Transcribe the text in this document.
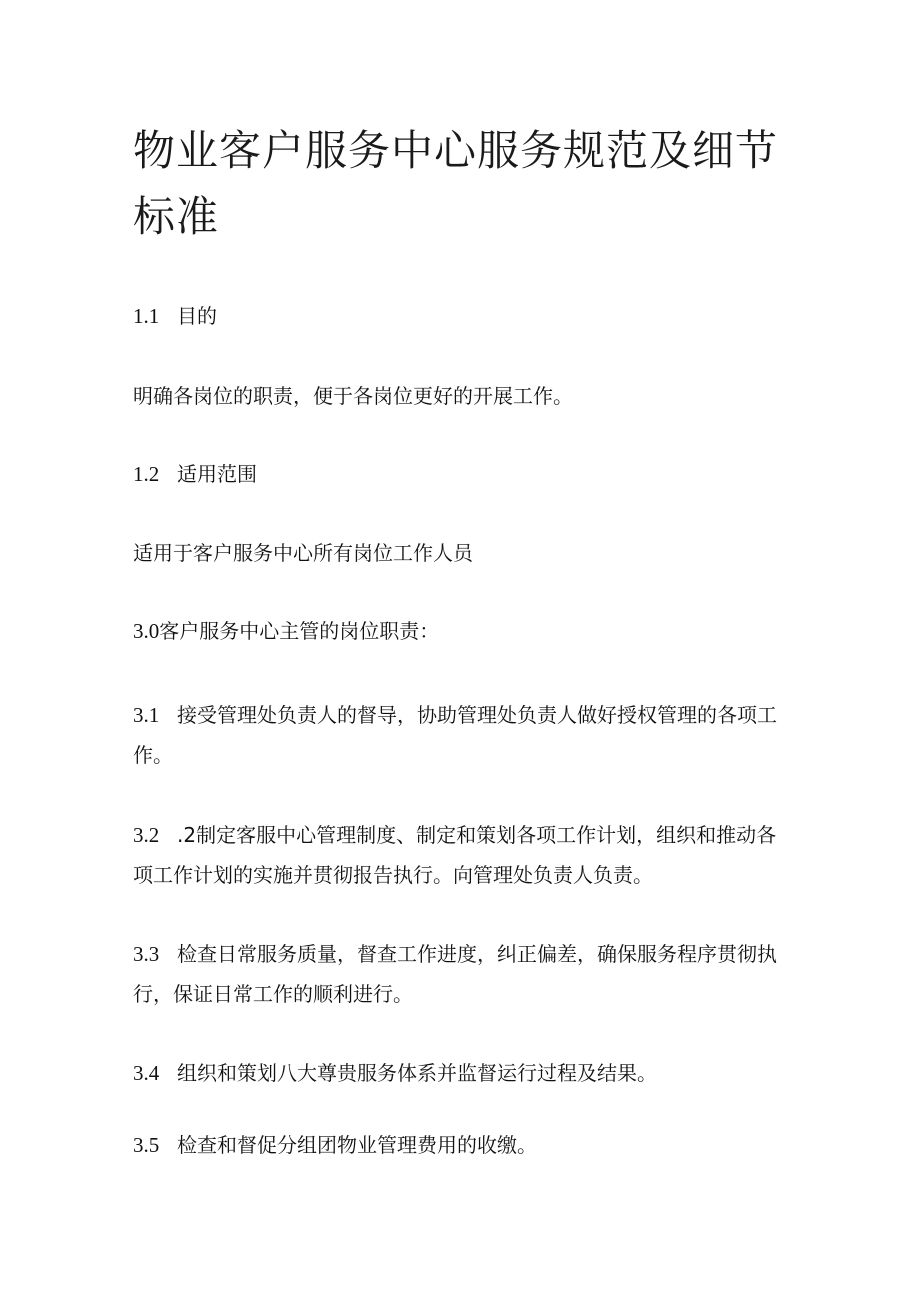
物业客户服务中心服务规范及细节标准

1.1 目的

明确各岗位的职责，便于各岗位更好的开展工作。

1.2 适用范围

适用于客户服务中心所有岗位工作人员

3.0客户服务中心主管的岗位职责：

3.1 接受管理处负责人的督导，协助管理处负责人做好授权管理的各项工作。

3.2 .2制定客服中心管理制度、制定和策划各项工作计划，组织和推动各项工作计划的实施并贯彻报告执行。向管理处负责人负责。

3.3 检查日常服务质量，督查工作进度，纠正偏差，确保服务程序贯彻执行，保证日常工作的顺利进行。

3.4 组织和策划八大尊贵服务体系并监督运行过程及结果。

3.5 检查和督促分组团物业管理费用的收缴。
